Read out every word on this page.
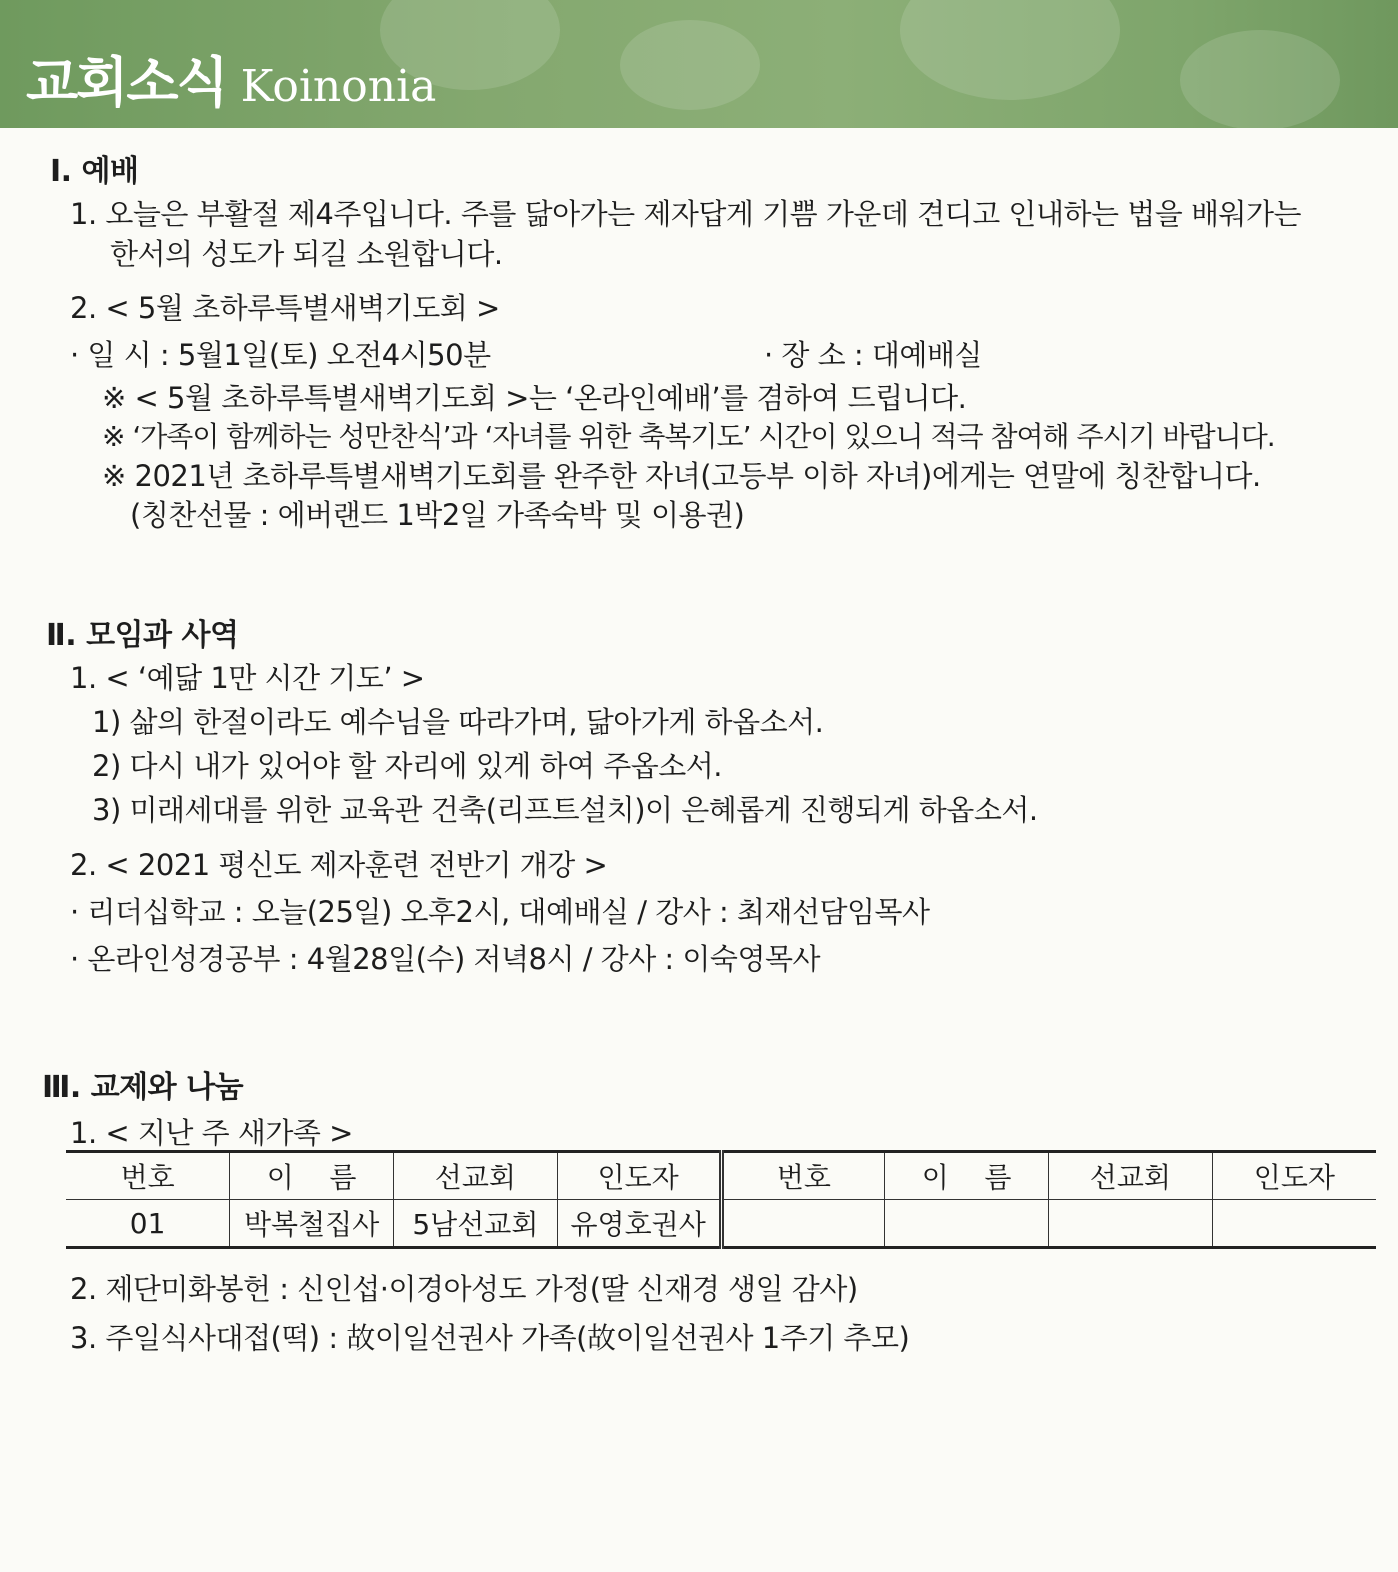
교회소식 Koinonia
Ⅰ. 예배
1. 오늘은 부활절 제4주입니다. 주를 닮아가는 제자답게 기쁨 가운데 견디고 인내하는 법을 배워가는
한서의 성도가 되길 소원합니다.
2. < 5월 초하루특별새벽기도회 >
· 일 시 : 5월1일(토) 오전4시50분	· 장 소 : 대예배실
※ < 5월 초하루특별새벽기도회 >는 ‘온라인예배’를 겸하여 드립니다.
※ ‘가족이 함께하는 성만찬식’과 ‘자녀를 위한 축복기도’ 시간이 있으니 적극 참여해 주시기 바랍니다.
※ 2021년 초하루특별새벽기도회를 완주한 자녀(고등부 이하 자녀)에게는 연말에 칭찬합니다.
(칭찬선물 : 에버랜드 1박2일 가족숙박 및 이용권)
Ⅱ. 모임과 사역
1. < ‘예닮 1만 시간 기도’ >
1) 삶의 한절이라도 예수님을 따라가며, 닮아가게 하옵소서.
2) 다시 내가 있어야 할 자리에 있게 하여 주옵소서.
3) 미래세대를 위한 교육관 건축(리프트설치)이 은혜롭게 진행되게 하옵소서.
2. < 2021 평신도 제자훈련 전반기 개강 >
· 리더십학교 : 오늘(25일) 오후2시, 대예배실 / 강사 : 최재선담임목사
· 온라인성경공부 : 4월28일(수) 저녁8시 / 강사 : 이숙영목사
Ⅲ. 교제와 나눔
1. < 지난 주 새가족 >
번호	이    름	선교회	인도자	번호	이    름	선교회	인도자
01	박복철집사	5남선교회	유영호권사				
2. 제단미화봉헌 : 신인섭·이경아성도 가정(딸 신재경 생일 감사)
3. 주일식사대접(떡) : 故이일선권사 가족(故이일선권사 1주기 추모)
